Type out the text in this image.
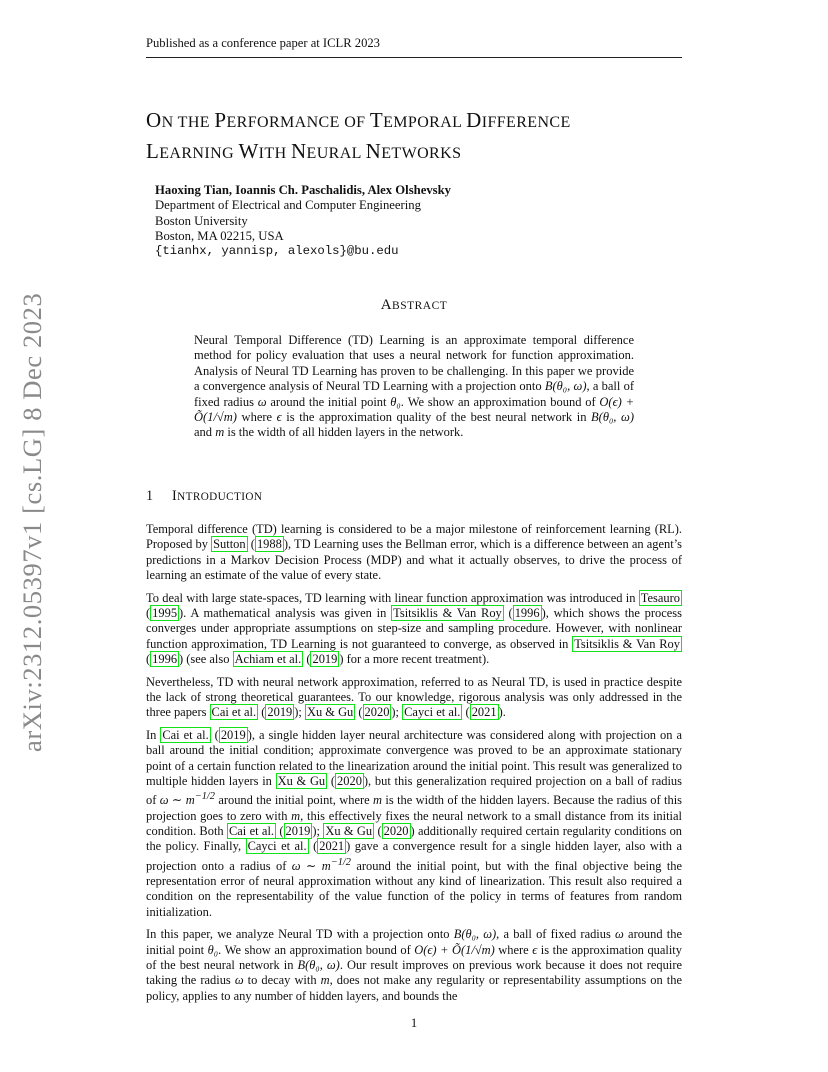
Published as a conference paper at ICLR 2023
arXiv:2312.05397v1 [cs.LG] 8 Dec 2023
ON THE PERFORMANCE OF TEMPORAL DIFFERENCE
LEARNING WITH NEURAL NETWORKS
Haoxing Tian, Ioannis Ch. Paschalidis, Alex Olshevsky
Department of Electrical and Computer Engineering
Boston University
Boston, MA 02215, USA
{tianhx, yannisp, alexols}@bu.edu
ABSTRACT
Neural Temporal Difference (TD) Learning is an approximate temporal difference method for policy evaluation that uses a neural network for function approximation. Analysis of Neural TD Learning has proven to be challenging. In this paper we provide a convergence analysis of Neural TD Learning with a projection onto B(θ₀, ω), a ball of fixed radius ω around the initial point θ₀. We show an approximation bound of O(ϵ) + Õ(1/√m) where ϵ is the approximation quality of the best neural network in B(θ₀, ω) and m is the width of all hidden layers in the network.
1 INTRODUCTION

Temporal difference (TD) learning is considered to be a major milestone of reinforcement learning (RL). Proposed by Sutton ( 1988 ), TD Learning uses the Bellman error, which is a difference between an agent’s predictions in a Markov Decision Process (MDP) and what it actually observes, to drive the process of learning an estimate of the value of every state.

To deal with large state-spaces, TD learning with linear function approximation was introduced in Tesauro ( 1995 ). A mathematical analysis was given in Tsitsiklis & Van Roy ( 1996 ), which shows the process converges under appropriate assumptions on step-size and sampling procedure. However, with nonlinear function approximation, TD Learning is not guaranteed to converge, as observed in Tsitsiklis & Van Roy ( 1996 ) (see also Achiam et al. ( 2019 ) for a more recent treatment).

Nevertheless, TD with neural network approximation, referred to as Neural TD, is used in practice despite the lack of strong theoretical guarantees. To our knowledge, rigorous analysis was only addressed in the three papers Cai et al. ( 2019 ); Xu & Gu ( 2020 ); Cayci et al. ( 2021 ).

In Cai et al. ( 2019 ), a single hidden layer neural architecture was considered along with projection on a ball around the initial condition; approximate convergence was proved to be an approximate stationary point of a certain function related to the linearization around the initial point. This result was generalized to multiple hidden layers in Xu & Gu ( 2020 ), but this generalization required projection on a ball of radius of ω ∼ $m^{-1/2}$ around the initial point, where m is the width of the hidden layers. Because the radius of this projection goes to zero with m, this effectively fixes the neural network to a small distance from its initial condition. Both Cai et al. ( 2019 ); Xu & Gu ( 2020 ) additionally required certain regularity conditions on the policy. Finally, Cayci et al. ( 2021 ) gave a convergence result for a single hidden layer, also with a projection onto a radius of ω ∼ $m^{-1/2}$ around the initial point, but with the final objective being the representation error of neural approximation without any kind of linearization. This result also required a condition on the representability of the value function of the policy in terms of features from random initialization.

In this paper, we analyze Neural TD with a projection onto B(θ₀, ω), a ball of fixed radius ω around the initial point θ₀. We show an approximation bound of O(ϵ) + Õ(1/√m) where ϵ is the approximation quality of the best neural network in B(θ₀, ω). Our result improves on previous work because it does not require taking the radius ω to decay with m, does not make any regularity or representability assumptions on the policy, applies to any number of hidden layers, and bounds the

1
